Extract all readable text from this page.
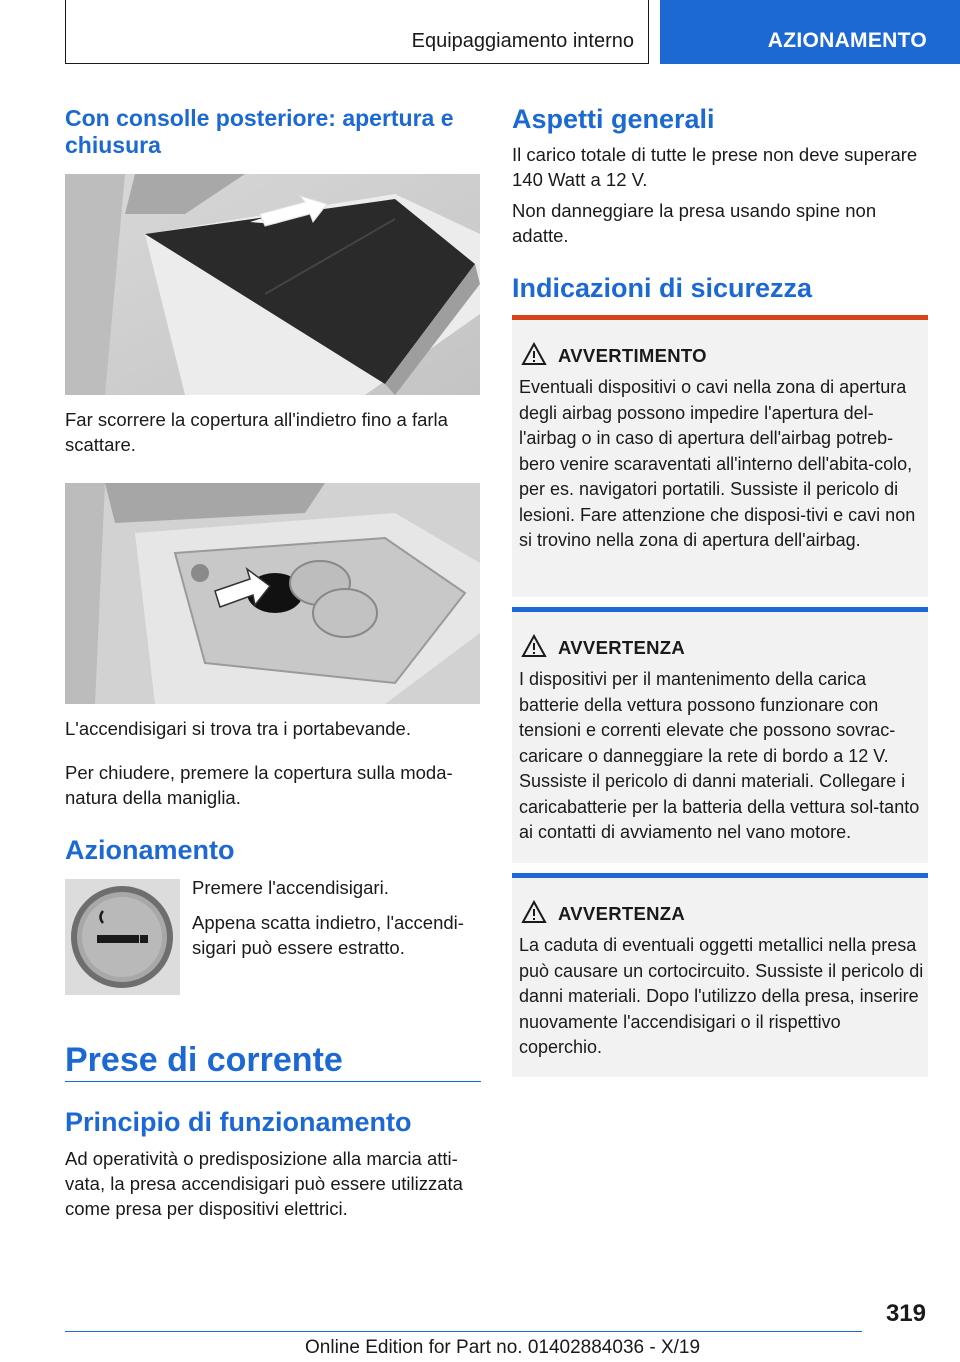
Equipaggiamento interno	AZIONAMENTO
Con consolle posteriore: apertura e chiusura

Far scorrere la copertura all'indietro fino a farla scattare.

L'accendisigari si trova tra i portabevande.

Per chiudere, premere la copertura sulla moda-natura della maniglia.

Azionamento

Premere l'accendisigari.

Appena scatta indietro, l'accendi-sigari può essere estratto.

Prese di corrente
Principio di funzionamento

Ad operatività o predisposizione alla marcia atti-vata, la presa accendisigari può essere utilizzata come presa per dispositivi elettrici.

Aspetti generali

Il carico totale di tutte le prese non deve superare 140 Watt a 12 V.

Non danneggiare la presa usando spine non adatte.

Indicazioni di sicurezza
AVVERTIMENTO

Eventuali dispositivi o cavi nella zona di apertura degli airbag possono impedire l'apertura del-l'airbag o in caso di apertura dell'airbag potreb-bero venire scaraventati all'interno dell'abita-colo, per es. navigatori portatili. Sussiste il pericolo di lesioni. Fare attenzione che disposi-tivi e cavi non si trovino nella zona di apertura dell'airbag.

AVVERTENZA

I dispositivi per il mantenimento della carica batterie della vettura possono funzionare con tensioni e correnti elevate che possono sovrac-caricare o danneggiare la rete di bordo a 12 V. Sussiste il pericolo di danni materiali. Collegare i caricabatterie per la batteria della vettura sol-tanto ai contatti di avviamento nel vano motore.

AVVERTENZA

La caduta di eventuali oggetti metallici nella presa può causare un cortocircuito. Sussiste il pericolo di danni materiali. Dopo l'utilizzo della presa, inserire nuovamente l'accendisigari o il rispettivo coperchio.

319
Online Edition for Part no. 01402884036 - X/19
